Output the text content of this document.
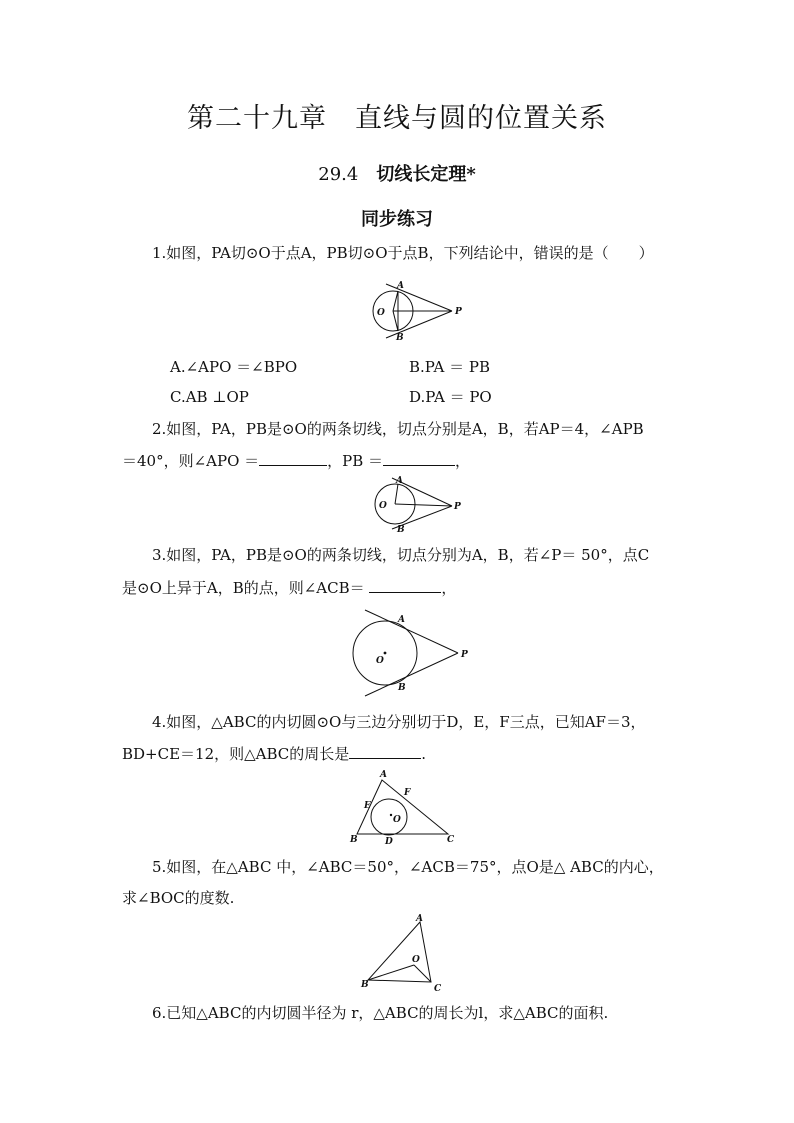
第二十九章　直线与圆的位置关系
29.4 切线长定理*
同步练习
1.如图，PA切⊙O于点A，PB切⊙O于点B，下列结论中，错误的是（　　）
A
B
O	P
A.∠APO ＝∠BPO	B.PA ＝ PB
C.AB ⊥OP	D.PA ＝ PO
2.如图，PA，PB是⊙O的两条切线，切点分别是A，B，若AP＝4，∠APB
＝40°，则∠APO ＝	，PB ＝	，
A
B
O	P
3.如图，PA，PB是⊙O的两条切线，切点分别为A，B，若∠P＝ 50°，点C
是⊙O上异于A，B的点，则∠ACB＝	，
A
B
O
P
4.如图，△ABC的内切圆⊙O与三边分别切于D，E，F三点，已知AF＝3，
BD+CE＝12，则△ABC的周长是	.
A
B	C
D
E
F
O
5.如图，在△ABC 中，∠ABC＝50°，∠ACB＝75°，点O是△ ABC的内心，
求∠BOC的度数.
A
B	C
O
6.已知△ABC的内切圆半径为 r，△ABC的周长为l，求△ABC的面积.
